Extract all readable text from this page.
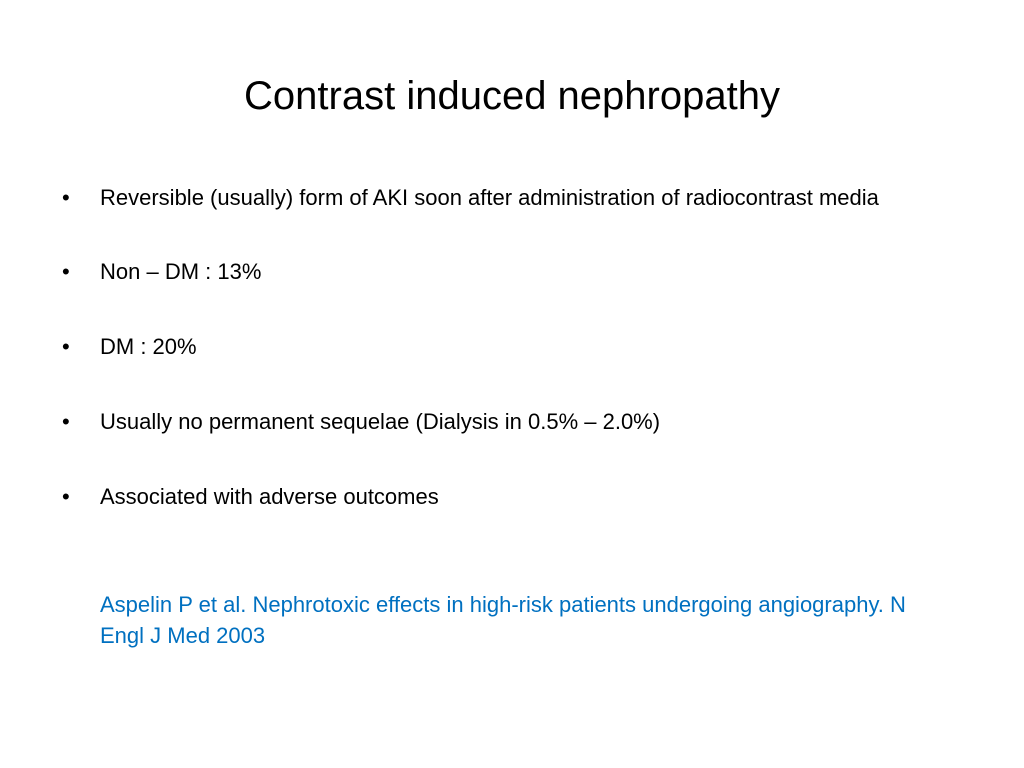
Contrast induced nephropathy
• Reversible (usually) form of AKI soon after administration of radiocontrast media
• Non – DM : 13%
• DM : 20%
• Usually no permanent sequelae (Dialysis in 0.5% – 2.0%)
• Associated with adverse outcomes
Aspelin P et al. Nephrotoxic effects in high-risk patients undergoing angiography. N Engl J Med 2003
